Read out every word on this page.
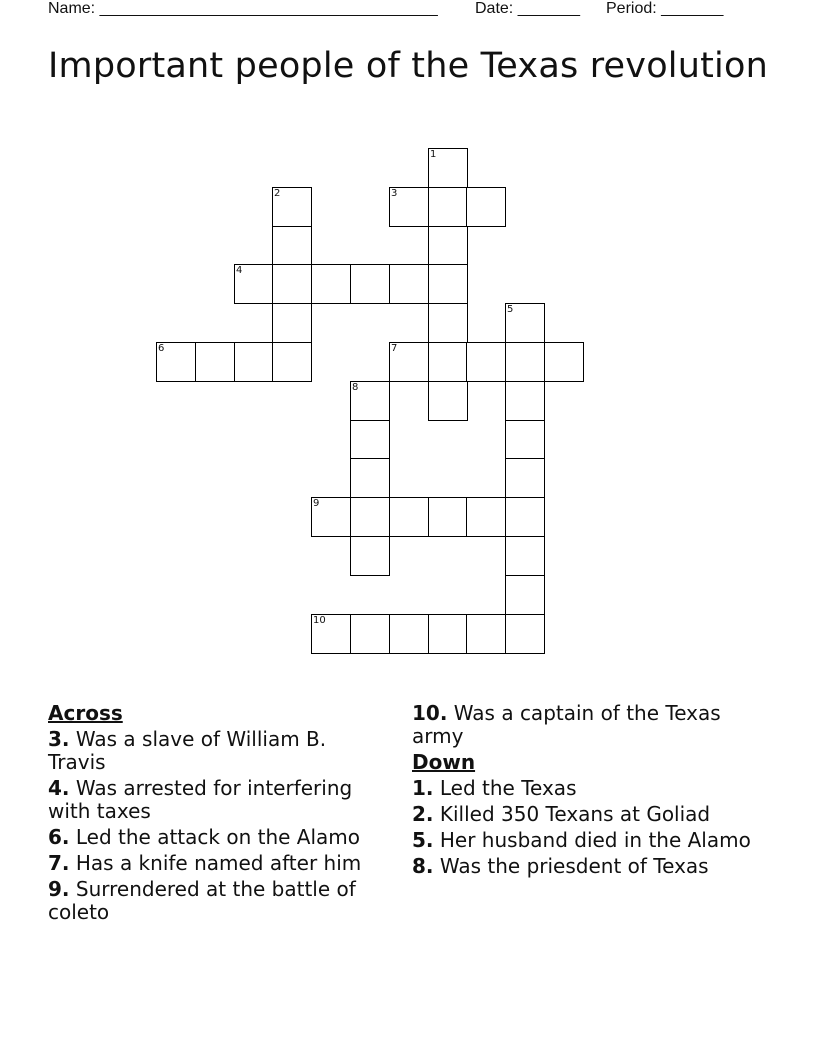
Name: ______________________________________ Date: _______ Period: _______
Important people of the Texas revolution
1
2	3
4
5
6	7
8
9
10
Across
3. Was a slave of William B. Travis
4. Was arrested for interfering with taxes
6. Led the attack on the Alamo
7. Has a knife named after him
9. Surrendered at the battle of coleto
10. Was a captain of the Texas army
Down
1. Led the Texas
2. Killed 350 Texans at Goliad
5. Her husband died in the Alamo
8. Was the priesdent of Texas
